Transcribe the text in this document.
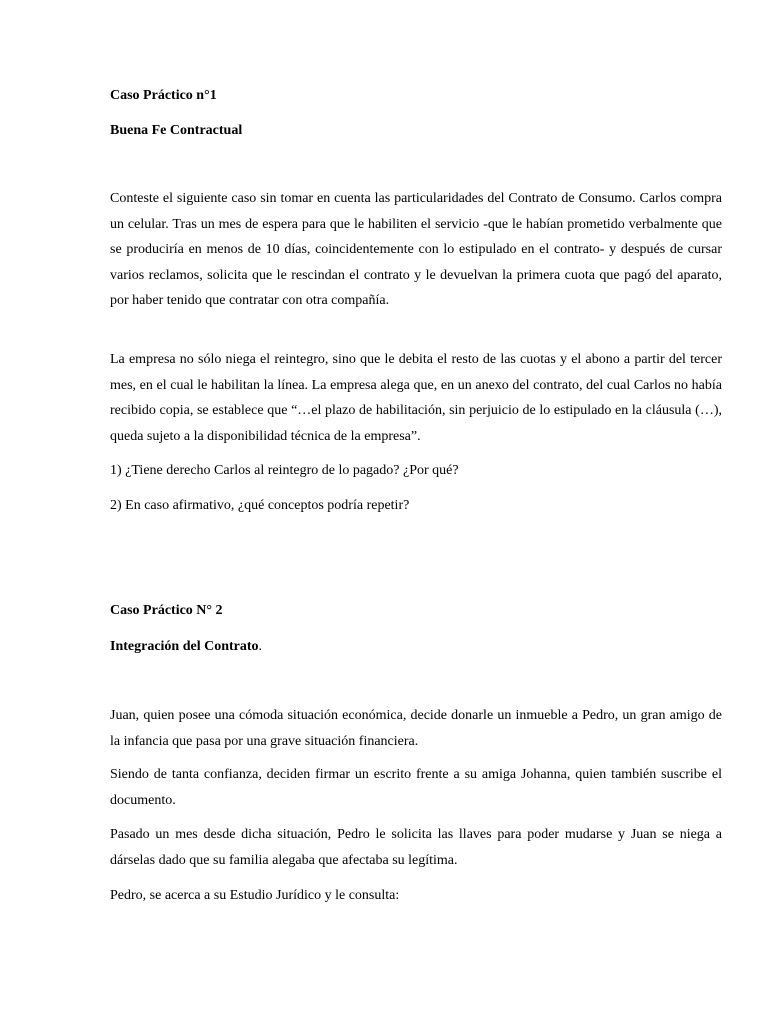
Caso Práctico n°1

Buena Fe Contractual

Conteste el siguiente caso sin tomar en cuenta las particularidades del Contrato de Consumo. Carlos compra un celular. Tras un mes de espera para que le habiliten el servicio -que le habían prometido verbalmente que se produciría en menos de 10 días, coincidentemente con lo estipulado en el contrato- y después de cursar varios reclamos, solicita que le rescindan el contrato y le devuelvan la primera cuota que pagó del aparato, por haber tenido que contratar con otra compañía.

La empresa no sólo niega el reintegro, sino que le debita el resto de las cuotas y el abono a partir del tercer mes, en el cual le habilitan la línea. La empresa alega que, en un anexo del contrato, del cual Carlos no había recibido copia, se establece que “…el plazo de habilitación, sin perjuicio de lo estipulado en la cláusula (…), queda sujeto a la disponibilidad técnica de la empresa”.

1) ¿Tiene derecho Carlos al reintegro de lo pagado? ¿Por qué?

2) En caso afirmativo, ¿qué conceptos podría repetir?

Caso Práctico N° 2

Integración del Contrato.

Juan, quien posee una cómoda situación económica, decide donarle un inmueble a Pedro, un gran amigo de la infancia que pasa por una grave situación financiera.

Siendo de tanta confianza, deciden firmar un escrito frente a su amiga Johanna, quien también suscribe el documento.

Pasado un mes desde dicha situación, Pedro le solicita las llaves para poder mudarse y Juan se niega a dárselas dado que su familia alegaba que afectaba su legítima.

Pedro, se acerca a su Estudio Jurídico y le consulta:
